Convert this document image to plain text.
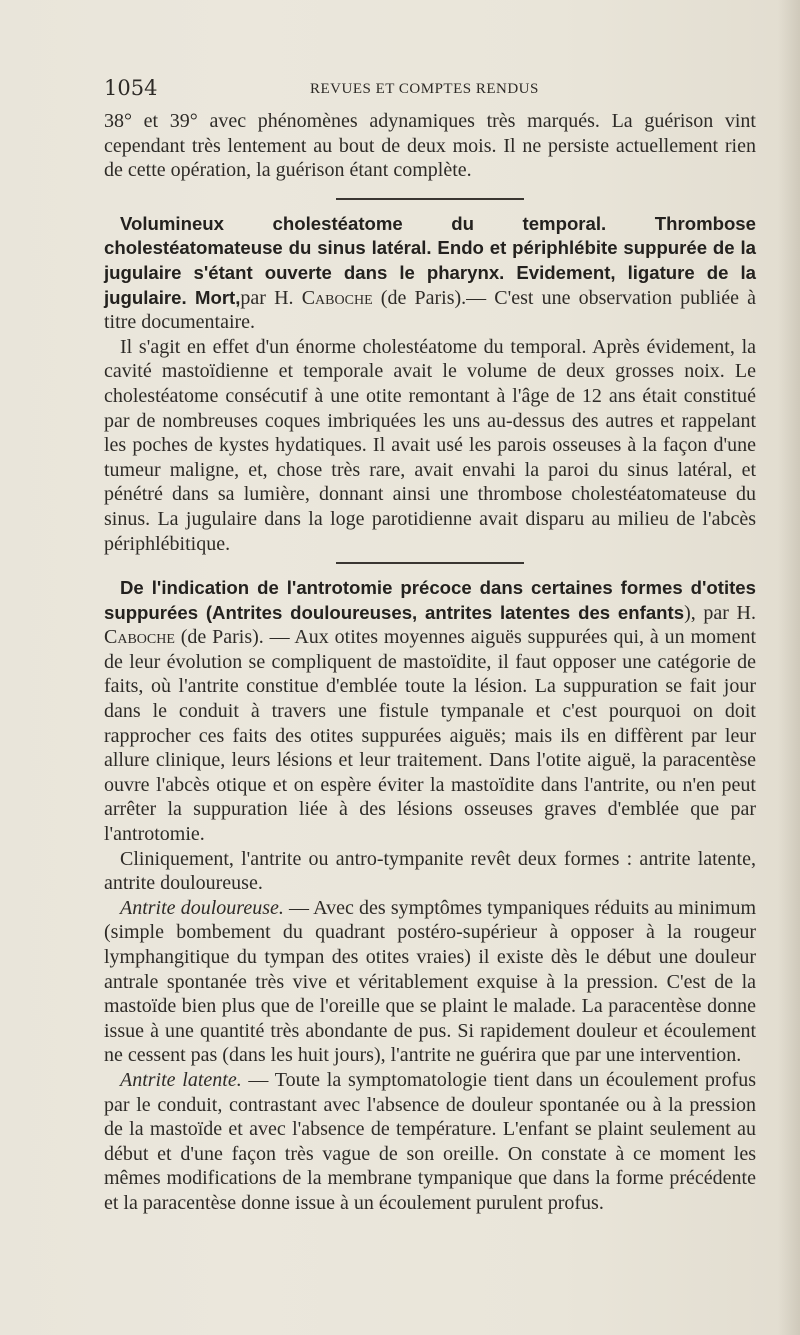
1054	REVUES ET COMPTES RENDUS

38° et 39° avec phénomènes adynamiques très marqués. La guérison vint cependant très lentement au bout de deux mois. Il ne persiste actuellement rien de cette opération, la guérison étant complète.

Volumineux cholestéatome du temporal. Thrombose cholestéatomateuse du sinus latéral. Endo et périphlébite suppurée de la jugulaire s'étant ouverte dans le pharynx. Evidement, ligature de la jugulaire. Mort,par H. Caboche (de Paris).— C'est une observation publiée à titre documentaire.

Il s'agit en effet d'un énorme cholestéatome du temporal. Après évidement, la cavité mastoïdienne et temporale avait le volume de deux grosses noix. Le cholestéatome consécutif à une otite remontant à l'âge de 12 ans était constitué par de nombreuses coques imbriquées les uns au-dessus des autres et rappelant les poches de kystes hydatiques. Il avait usé les parois osseuses à la façon d'une tumeur maligne, et, chose très rare, avait envahi la paroi du sinus latéral, et pénétré dans sa lumière, donnant ainsi une thrombose cholestéatomateuse du sinus. La jugulaire dans la loge parotidienne avait disparu au milieu de l'abcès périphlébitique.

De l'indication de l'antrotomie précoce dans certaines formes d'otites suppurées (Antrites douloureuses, antrites latentes des enfants), par H. Caboche (de Paris). — Aux otites moyennes aiguës suppurées qui, à un moment de leur évolution se compliquent de mastoïdite, il faut opposer une catégorie de faits, où l'antrite constitue d'emblée toute la lésion. La suppuration se fait jour dans le conduit à travers une fistule tympanale et c'est pourquoi on doit rapprocher ces faits des otites suppurées aiguës; mais ils en diffèrent par leur allure clinique, leurs lésions et leur traitement. Dans l'otite aiguë, la paracentèse ouvre l'abcès otique et on espère éviter la mastoïdite dans l'antrite, ou n'en peut arrêter la suppuration liée à des lésions osseuses graves d'emblée que par l'antrotomie.

Cliniquement, l'antrite ou antro-tympanite revêt deux formes : antrite latente, antrite douloureuse.

Antrite douloureuse. — Avec des symptômes tympaniques réduits au minimum (simple bombement du quadrant postéro-supérieur à opposer à la rougeur lymphangitique du tympan des otites vraies) il existe dès le début une douleur antrale spontanée très vive et véritablement exquise à la pression. C'est de la mastoïde bien plus que de l'oreille que se plaint le malade. La paracentèse donne issue à une quantité très abondante de pus. Si rapidement douleur et écoulement ne cessent pas (dans les huit jours), l'antrite ne guérira que par une intervention.

Antrite latente. — Toute la symptomatologie tient dans un écoulement profus par le conduit, contrastant avec l'absence de douleur spontanée ou à la pression de la mastoïde et avec l'absence de température. L'enfant se plaint seulement au début et d'une façon très vague de son oreille. On constate à ce moment les mêmes modifications de la membrane tympanique que dans la forme précédente et la paracentèse donne issue à un écoulement purulent profus.
